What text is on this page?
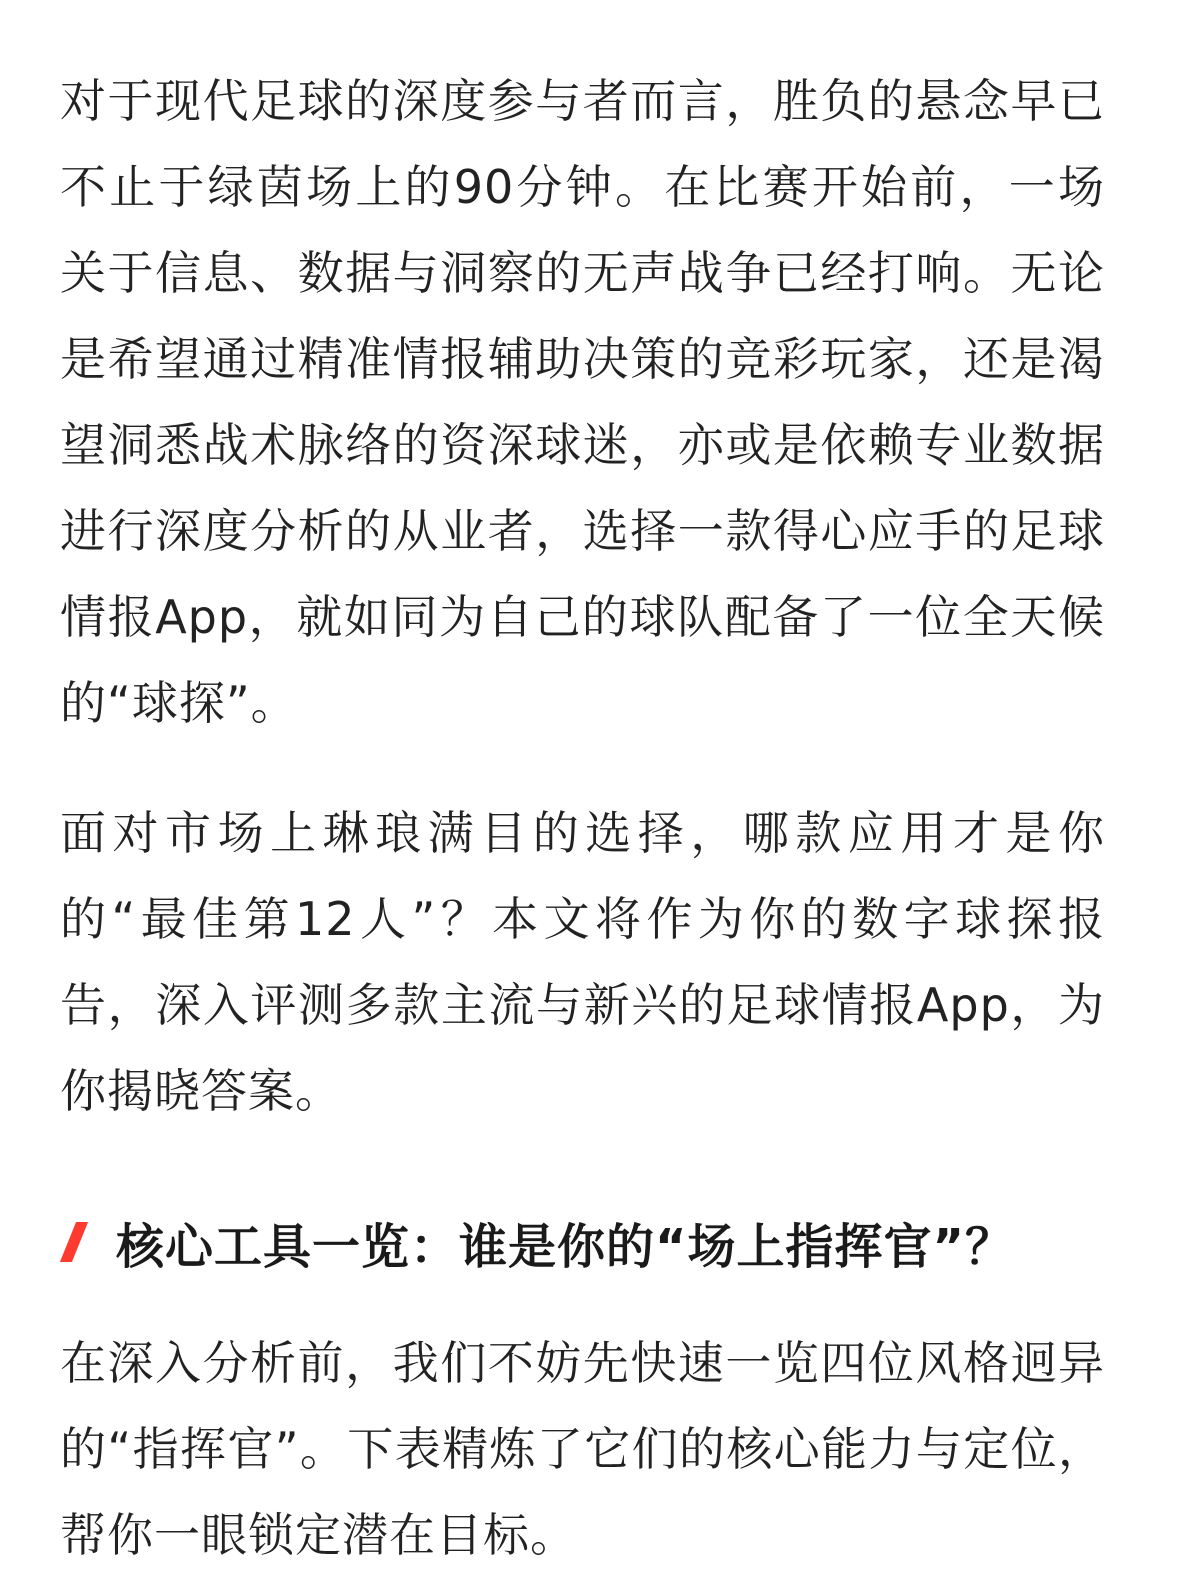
对于现代足球的深度参与者而言，胜负的悬念早已不止于绿茵场上的90分钟。在比赛开始前，一场关于信息、数据与洞察的无声战争已经打响。无论是希望通过精准情报辅助决策的竞彩玩家，还是渴望洞悉战术脉络的资深球迷，亦或是依赖专业数据进行深度分析的从业者，选择一款得心应手的足球情报App，就如同为自己的球队配备了一位全天候的“球探”。

面对市场上琳琅满目的选择，哪款应用才是你的“最佳第12人”？本文将作为你的数字球探报告，深入评测多款主流与新兴的足球情报App，为你揭晓答案。

核心工具一览：谁是你的“场上指挥官”？

在深入分析前，我们不妨先快速一览四位风格迥异的“指挥官”。下表精炼了它们的核心能力与定位，帮你一眼锁定潜在目标。
